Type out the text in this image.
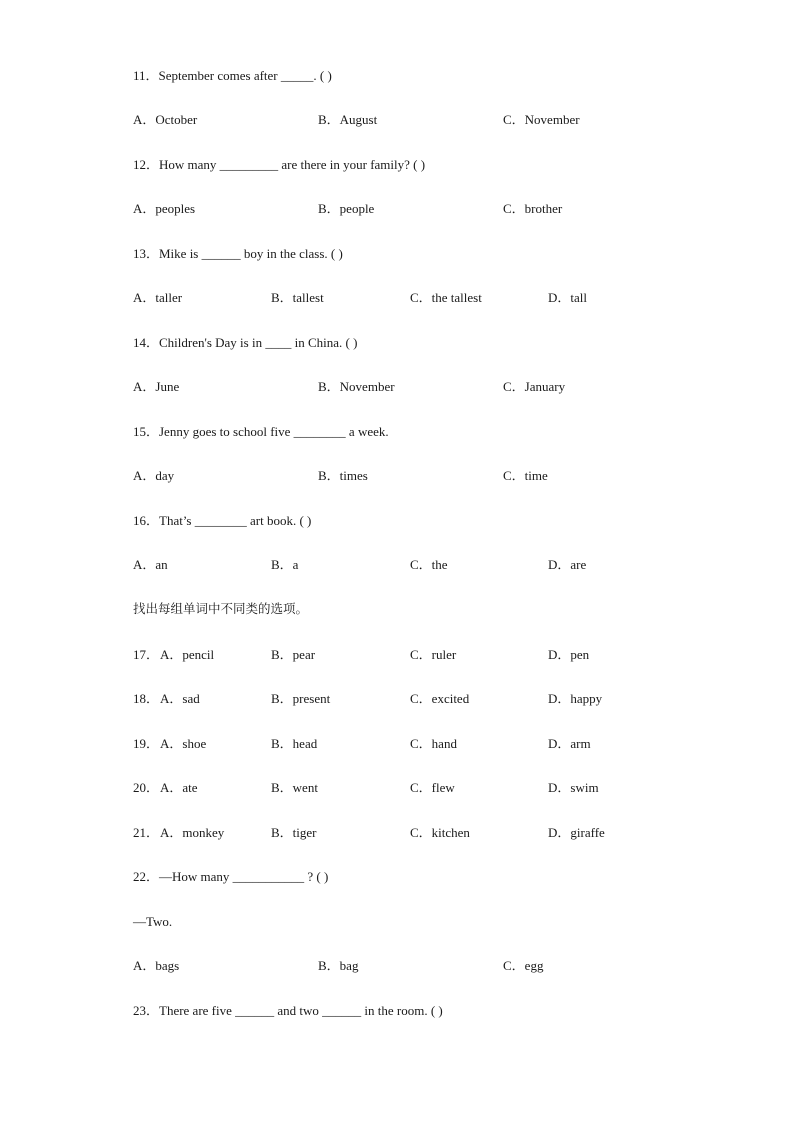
11．September comes after _____. ( )
A．October	B．August	C．November
12．How many _________ are there in your family? ( )
A．peoples	B．people	C．brother
13．Mike is ______ boy in the class. ( )
A．taller	B．tallest	C．the tallest	D．tall
14．Children's Day is in ____ in China. ( )
A．June	B．November	C．January
15．Jenny goes to school five ________ a week.
A．day	B．times	C．time
16．That’s ________ art book. ( )
A．an	B．a	C．the	D．are
找出每组单词中不同类的选项。
17． A．pencil	B．pear	C．ruler	D．pen
18． A．sad	B．present	C．excited	D．happy
19． A．shoe	B．head	C．hand	D．arm
20． A．ate	B．went	C．flew	D．swim
21． A．monkey	B．tiger	C．kitchen	D．giraffe
22．—How many ___________ ? ( )
—Two.
A．bags	B．bag	C．egg
23．There are five ______ and two ______ in the room. ( )
